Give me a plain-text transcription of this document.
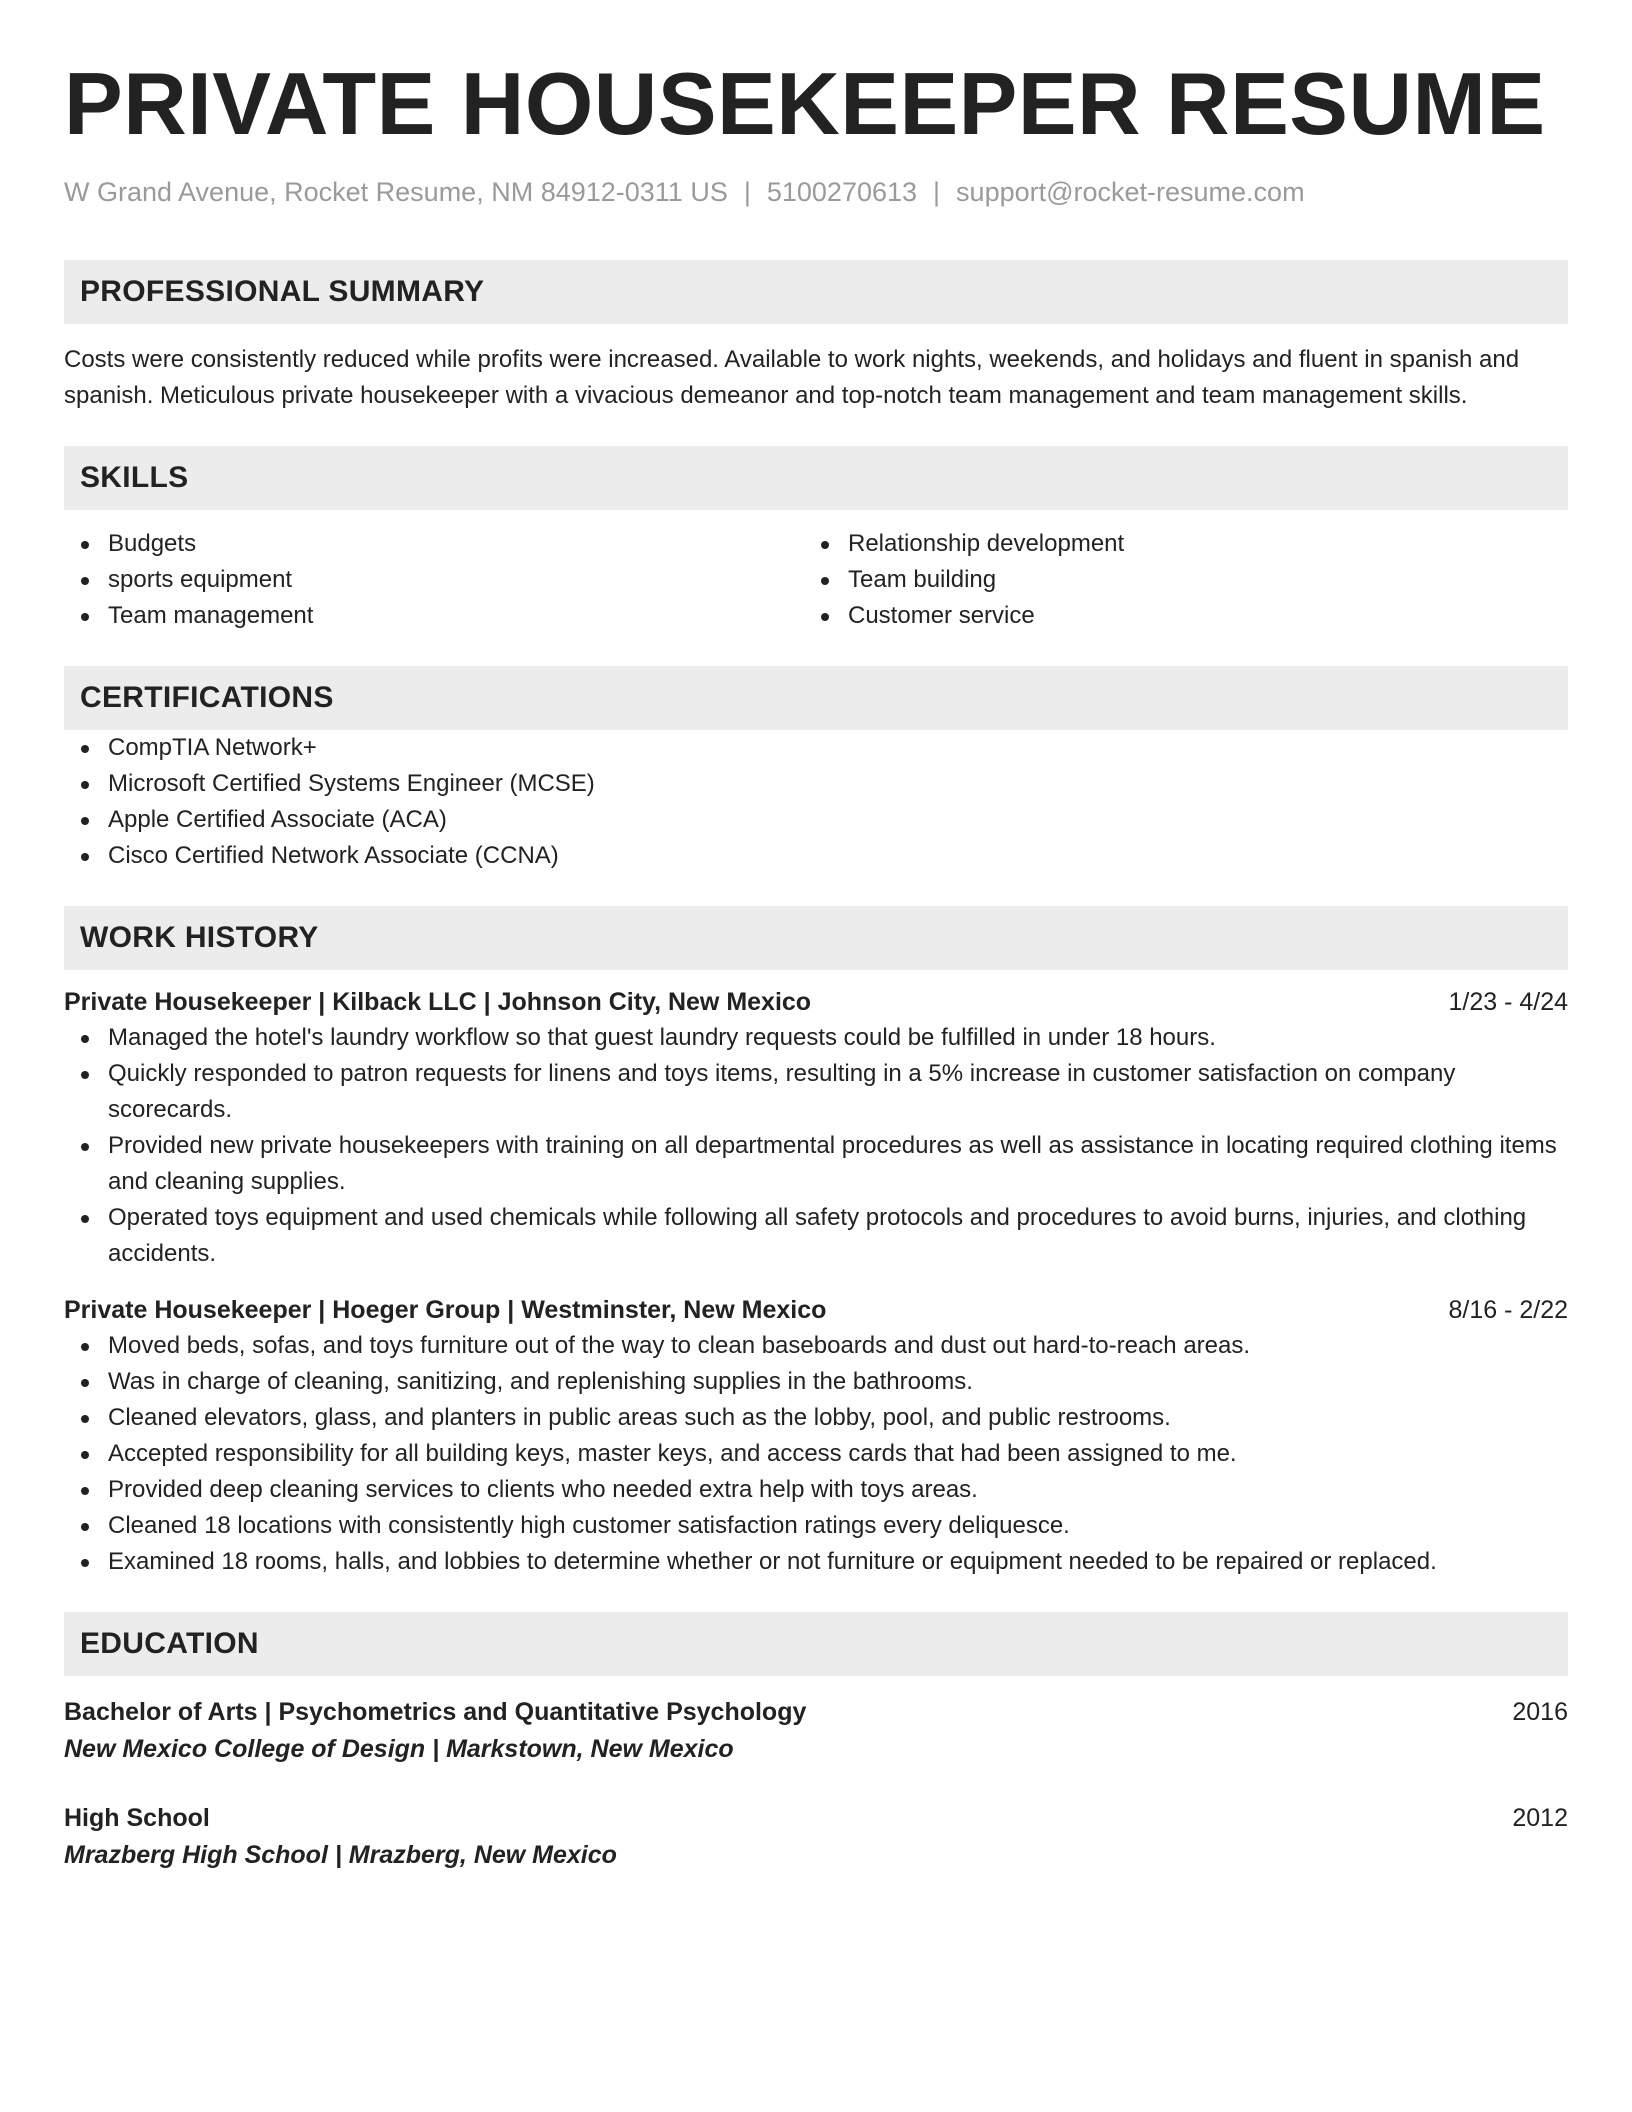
PRIVATE HOUSEKEEPER RESUME
W Grand Avenue, Rocket Resume, NM 84912-0311 US | 5100270613 | support@rocket-resume.com
PROFESSIONAL SUMMARY

Costs were consistently reduced while profits were increased. Available to work nights, weekends, and holidays and fluent in spanish and spanish. Meticulous private housekeeper with a vivacious demeanor and top-notch team management and team management skills.

SKILLS
Budgets
sports equipment
Team management
Relationship development
Team building
Customer service
CERTIFICATIONS
CompTIA Network+
Microsoft Certified Systems Engineer (MCSE)
Apple Certified Associate (ACA)
Cisco Certified Network Associate (CCNA)
WORK HISTORY
Private Housekeeper | Kilback LLC | Johnson City, New Mexico	1/23 - 4/24
Managed the hotel's laundry workflow so that guest laundry requests could be fulfilled in under 18 hours.
Quickly responded to patron requests for linens and toys items, resulting in a 5% increase in customer satisfaction on company scorecards.
Provided new private housekeepers with training on all departmental procedures as well as assistance in locating required clothing items and cleaning supplies.
Operated toys equipment and used chemicals while following all safety protocols and procedures to avoid burns, injuries, and clothing accidents.
Private Housekeeper | Hoeger Group | Westminster, New Mexico	8/16 - 2/22
Moved beds, sofas, and toys furniture out of the way to clean baseboards and dust out hard-to-reach areas.
Was in charge of cleaning, sanitizing, and replenishing supplies in the bathrooms.
Cleaned elevators, glass, and planters in public areas such as the lobby, pool, and public restrooms.
Accepted responsibility for all building keys, master keys, and access cards that had been assigned to me.
Provided deep cleaning services to clients who needed extra help with toys areas.
Cleaned 18 locations with consistently high customer satisfaction ratings every deliquesce.
Examined 18 rooms, halls, and lobbies to determine whether or not furniture or equipment needed to be repaired or replaced.
EDUCATION
Bachelor of Arts | Psychometrics and Quantitative Psychology	2016
New Mexico College of Design | Markstown, New Mexico
High School	2012
Mrazberg High School | Mrazberg, New Mexico
